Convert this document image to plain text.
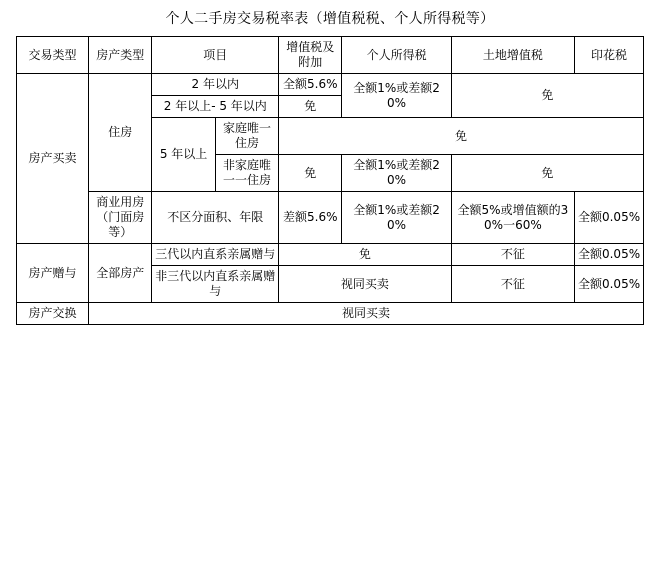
个人二手房交易税率表（增值税税、个人所得税等）
交易类型	房产类型	项目		增值税及附加	个人所得税	土地增值税	印花税
房产买卖	住房	2 年以内		全额5.6%	全额1%或差额20%	免	
		2 年以上- 5 年以内		免			
		5 年以上	家庭唯一住房	免			
			非家庭唯一一住房	免	全额1%或差额20%	免	
	商业用房（门面房等）	不区分面积、年限		差额5.6%	全额1%或差额20%	全额5%或增值额的30%一60%	全额0.05%
房产赠与	全部房产	三代以内直系亲属赠与		免		不征	全额0.05%
		非三代以内直系亲属赠与		视同买卖		不征	全额0.05%
房产交换	视同买卖						
